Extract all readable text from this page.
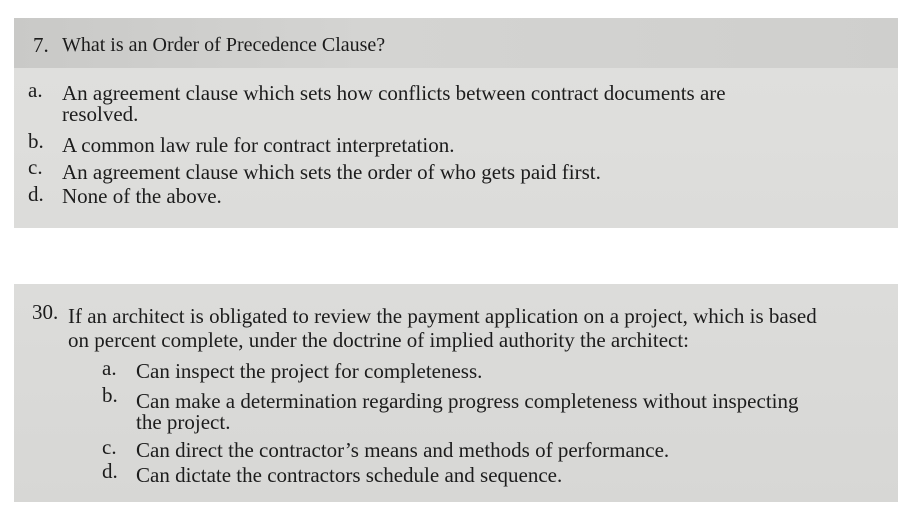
7. What is an Order of Precedence Clause?
a. An agreement clause which sets how conflicts between contract documents are
resolved.
b. A common law rule for contract interpretation.
c. An agreement clause which sets the order of who gets paid first.
d. None of the above.
30. If an architect is obligated to review the payment application on a project, which is based
on percent complete, under the doctrine of implied authority the architect:
a. Can inspect the project for completeness.
b. Can make a determination regarding progress completeness without inspecting
the project.
c. Can direct the contractor’s means and methods of performance.
d. Can dictate the contractors schedule and sequence.
